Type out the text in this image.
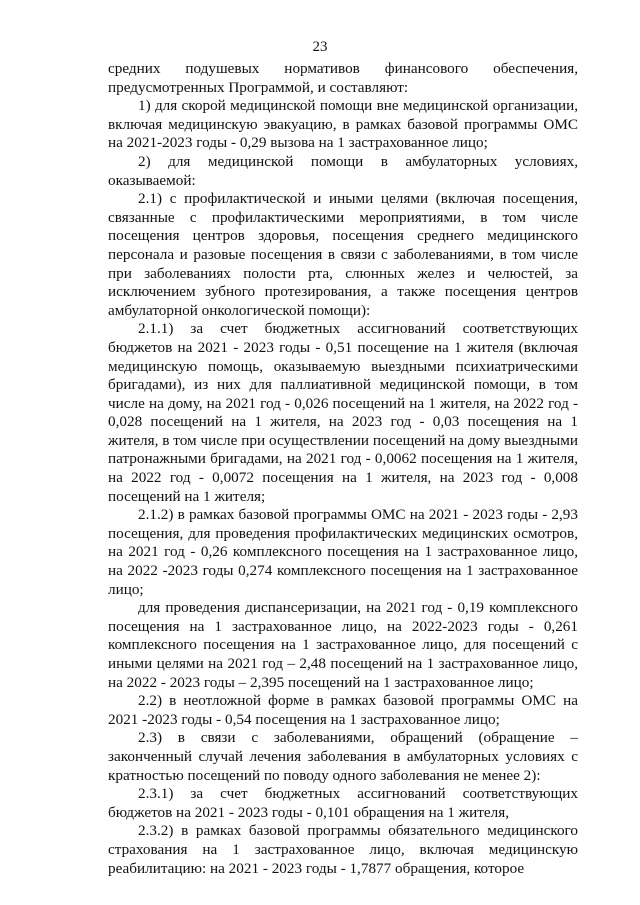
23

средних подушевых нормативов финансового обеспечения, предусмотренных Программой, и составляют:

1) для скорой медицинской помощи вне медицинской организации, включая медицинскую эвакуацию, в рамках базовой программы ОМС на 2021-2023 годы - 0,29 вызова на 1 застрахованное лицо;

2) для медицинской помощи в амбулаторных условиях, оказываемой:

2.1) с профилактической и иными целями (включая посещения, связанные с профилактическими мероприятиями, в том числе посещения центров здоровья, посещения среднего медицинского персонала и разовые посещения в связи с заболеваниями, в том числе при заболеваниях полости рта, слюнных желез и челюстей, за исключением зубного протезирования, а также посещения центров амбулаторной онкологической помощи):

2.1.1) за счет бюджетных ассигнований соответствующих бюджетов на 2021 - 2023 годы - 0,51 посещение на 1 жителя (включая медицинскую помощь, оказываемую выездными психиатрическими бригадами), из них для паллиативной медицинской помощи, в том числе на дому, на 2021 год - 0,026 посещений на 1 жителя, на 2022 год - 0,028 посещений на 1 жителя, на 2023 год - 0,03 посещения на 1 жителя, в том числе при осуществлении посещений на дому выездными патронажными бригадами, на 2021 год - 0,0062 посещения на 1 жителя, на 2022 год - 0,0072 посещения на 1 жителя, на 2023 год - 0,008 посещений на 1 жителя;

2.1.2) в рамках базовой программы ОМС на 2021 - 2023 годы - 2,93 посещения, для проведения профилактических медицинских осмотров, на 2021 год - 0,26 комплексного посещения на 1 застрахованное лицо, на 2022 -2023 годы 0,274 комплексного посещения на 1 застрахованное лицо;

для проведения диспансеризации, на 2021 год - 0,19 комплексного посещения на 1 застрахованное лицо, на 2022-2023 годы - 0,261 комплексного посещения на 1 застрахованное лицо, для посещений с иными целями на 2021 год – 2,48 посещений на 1 застрахованное лицо, на 2022 - 2023 годы – 2,395 посещений на 1 застрахованное лицо;

2.2) в неотложной форме в рамках базовой программы ОМС на 2021 -2023 годы - 0,54 посещения на 1 застрахованное лицо;

2.3) в связи с заболеваниями, обращений (обращение – законченный случай лечения заболевания в амбулаторных условиях с кратностью посещений по поводу одного заболевания не менее 2):

2.3.1) за счет бюджетных ассигнований соответствующих бюджетов на 2021 - 2023 годы - 0,101 обращения на 1 жителя,

2.3.2) в рамках базовой программы обязательного медицинского страхования на 1 застрахованное лицо, включая медицинскую реабилитацию: на 2021 - 2023 годы - 1,7877 обращения, которое
